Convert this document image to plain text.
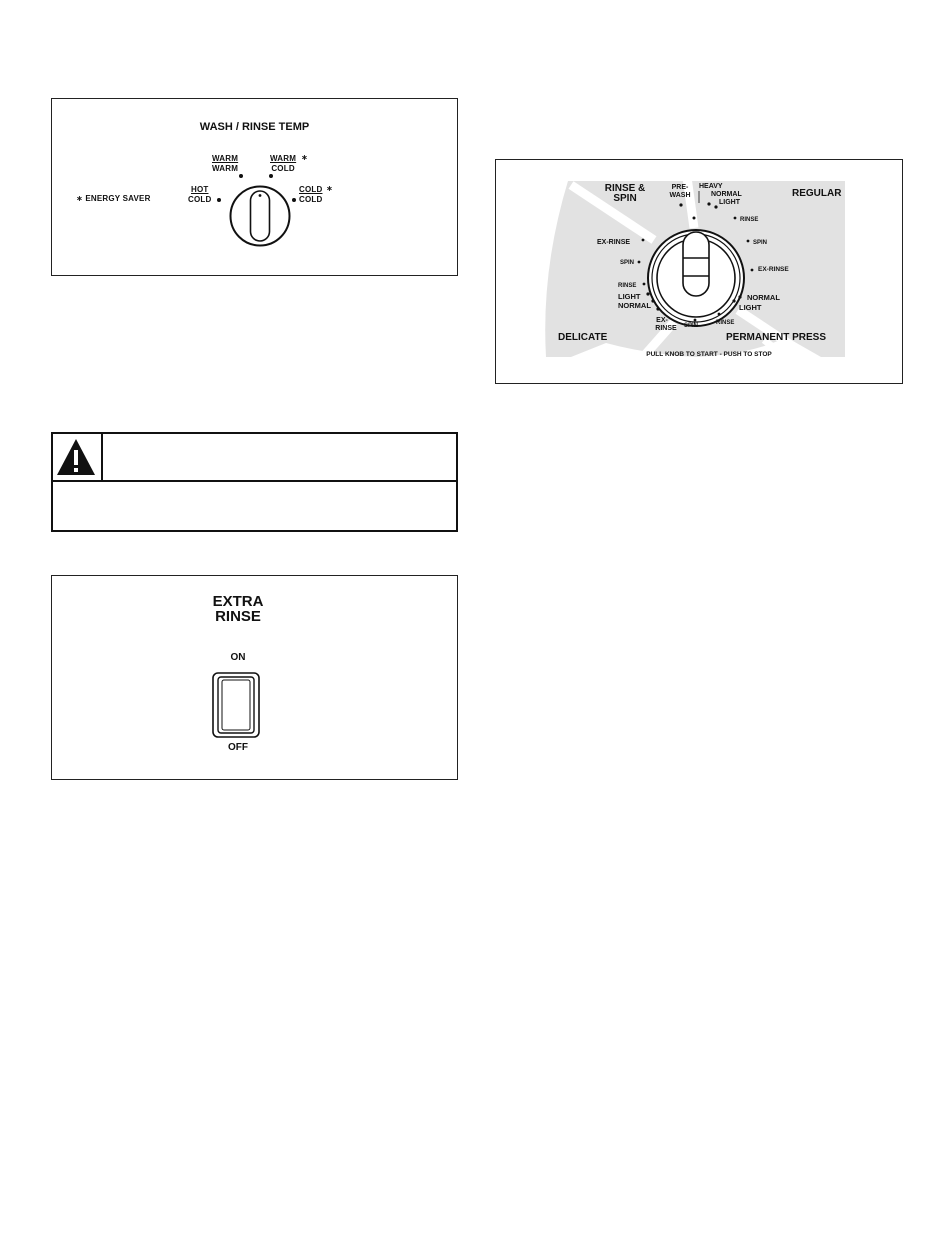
WASH / RINSE TEMP
∗ ENERGY SAVER
HOT
COLD
WARM
WARM
WARM
COLD
∗
COLD
COLD
∗
EXTRA
RINSE
ON
OFF
RINSE &
SPIN	REGULAR
DELICATE	PERMANENT PRESS
PRE-
WASH
HEAVY
NORMAL
LIGHT
RINSE
SPIN
EX-RINSE
NORMAL
LIGHT
RINSE
SPIN
EX-
RINSE
NORMAL
LIGHT
RINSE
SPIN
EX-RINSE
PULL KNOB TO START - PUSH TO STOP
